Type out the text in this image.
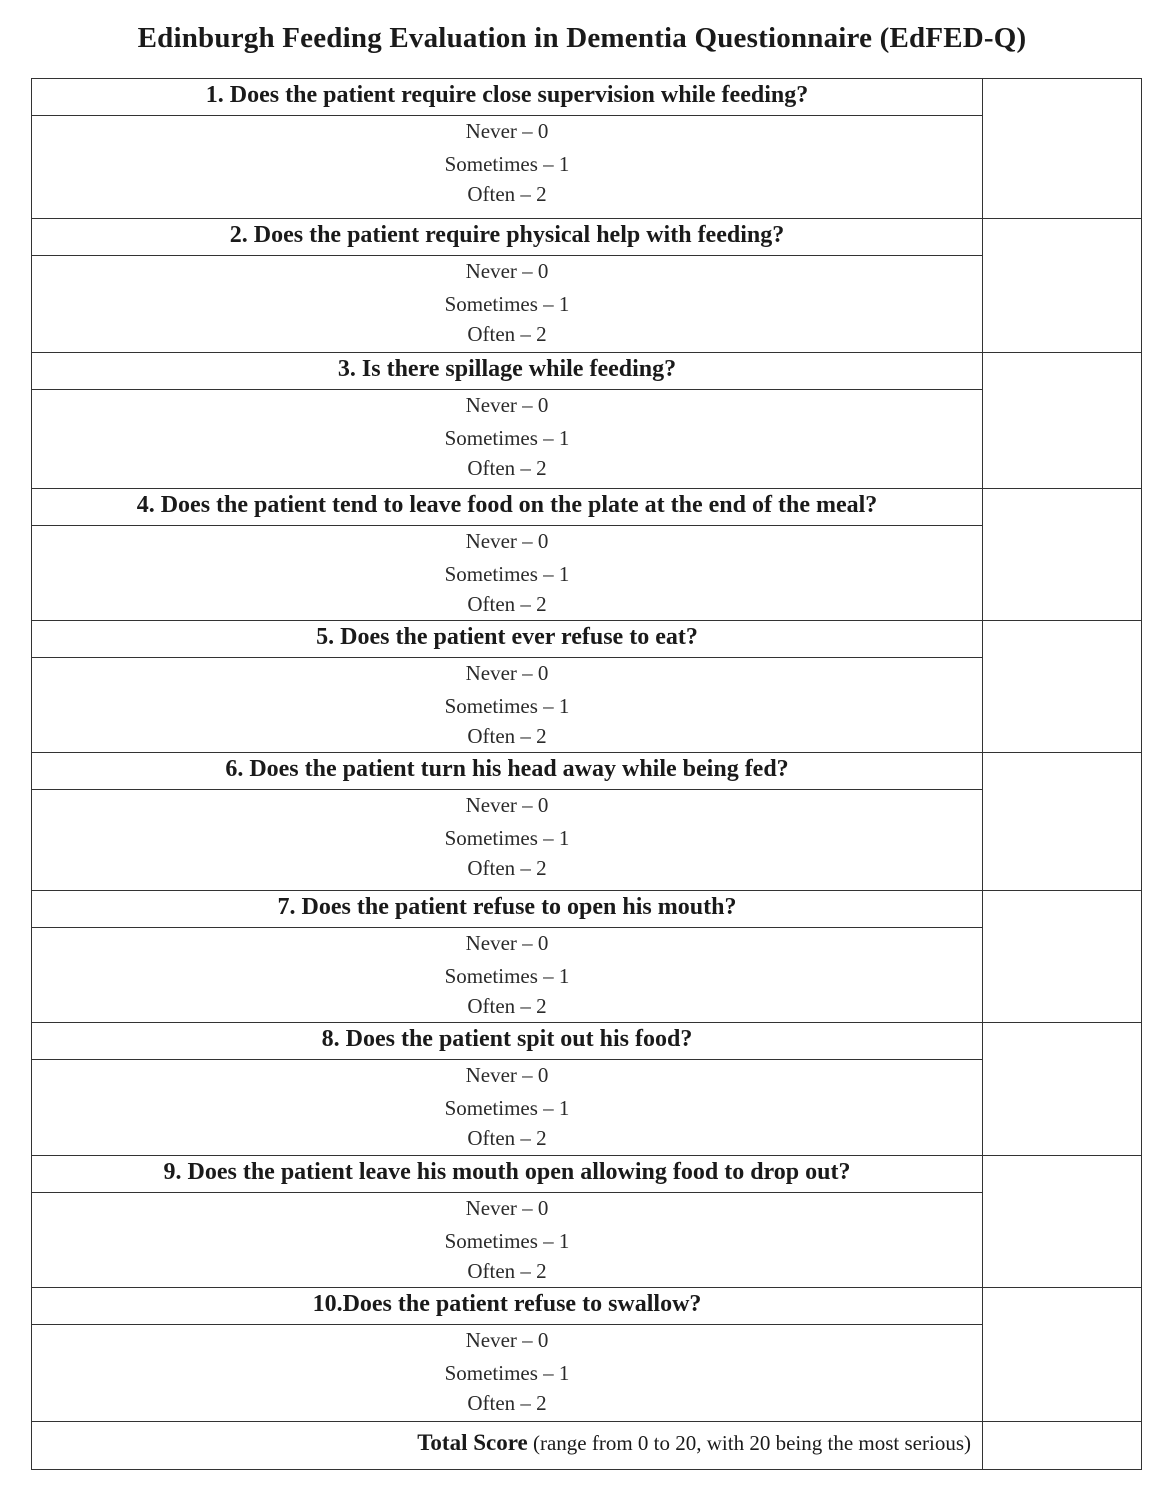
Edinburgh Feeding Evaluation in Dementia Questionnaire (EdFED-Q)
1. Does the patient require close supervision while feeding?
Never – 0
Sometimes – 1
Often – 2
2. Does the patient require physical help with feeding?
Never – 0
Sometimes – 1
Often – 2
3. Is there spillage while feeding?
Never – 0
Sometimes – 1
Often – 2
4. Does the patient tend to leave food on the plate at the end of the meal?
Never – 0
Sometimes – 1
Often – 2
5. Does the patient ever refuse to eat?
Never – 0
Sometimes – 1
Often – 2
6. Does the patient turn his head away while being fed?
Never – 0
Sometimes – 1
Often – 2
7. Does the patient refuse to open his mouth?
Never – 0
Sometimes – 1
Often – 2
8. Does the patient spit out his food?
Never – 0
Sometimes – 1
Often – 2
9. Does the patient leave his mouth open allowing food to drop out?
Never – 0
Sometimes – 1
Often – 2
10.Does the patient refuse to swallow?
Never – 0
Sometimes – 1
Often – 2
Total Score (range from 0 to 20, with 20 being the most serious)
